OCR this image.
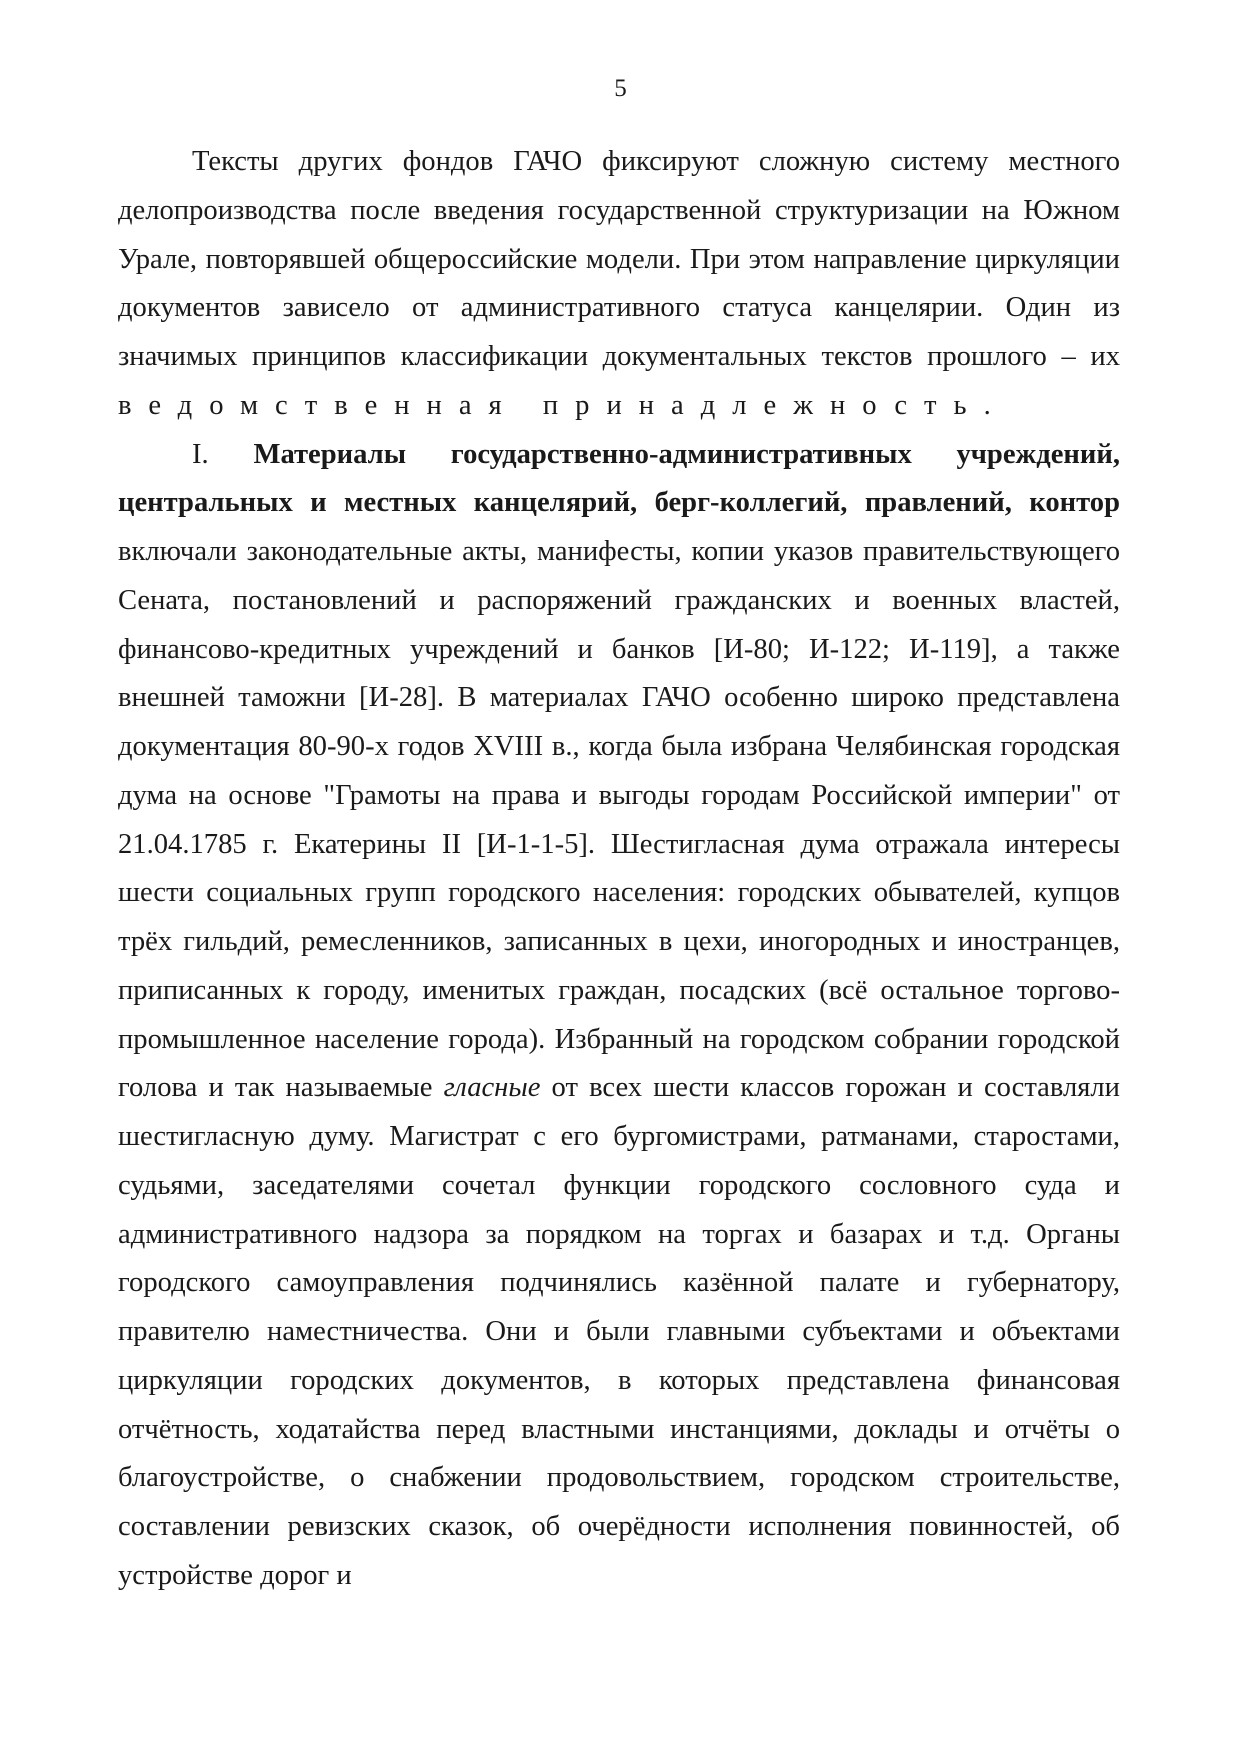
5

Тексты других фондов ГАЧО фиксируют сложную систему местного делопроизводства после введения государственной структуризации на Южном Урале, повторявшей общероссийские модели. При этом направление циркуляции документов зависело от административного статуса канцелярии. Один из значимых принципов классификации документальных текстов прошлого – их ведомственная принадлежность.

I. Материалы государственно-административных учреждений, центральных и местных канцелярий, берг-коллегий, правлений, контор включали законодательные акты, манифесты, копии указов правительствующего Сената, постановлений и распоряжений гражданских и военных властей, финансово-кредитных учреждений и банков [И-80; И-122; И-119], а также внешней таможни [И-28]. В материалах ГАЧО особенно широко представлена документация 80-90-х годов XVIII в., когда была избрана Челябинская городская дума на основе "Грамоты на права и выгоды городам Российской империи" от 21.04.1785 г. Екатерины II [И-1-1-5]. Шестигласная дума отражала интересы шести социальных групп городского населения: городских обывателей, купцов трёх гильдий, ремесленников, записанных в цехи, иногородных и иностранцев, приписанных к городу, именитых граждан, посадских (всё остальное торгово-промышленное население города). Избранный на городском собрании городской голова и так называемые гласные от всех шести классов горожан и составляли шестигласную думу. Магистрат с его бургомистрами, ратманами, старостами, судьями, заседателями сочетал функции городского сословного суда и административного надзора за порядком на торгах и базарах и т.д. Органы городского самоуправления подчинялись казённой палате и губернатору, правителю наместничества. Они и были главными субъектами и объектами циркуляции городских документов, в которых представлена финансовая отчётность, ходатайства перед властными инстанциями, доклады и отчёты о благоустройстве, о снабжении продовольствием, городском строительстве, составлении ревизских сказок, об очерёдности исполнения повинностей, об устройстве дорог и
